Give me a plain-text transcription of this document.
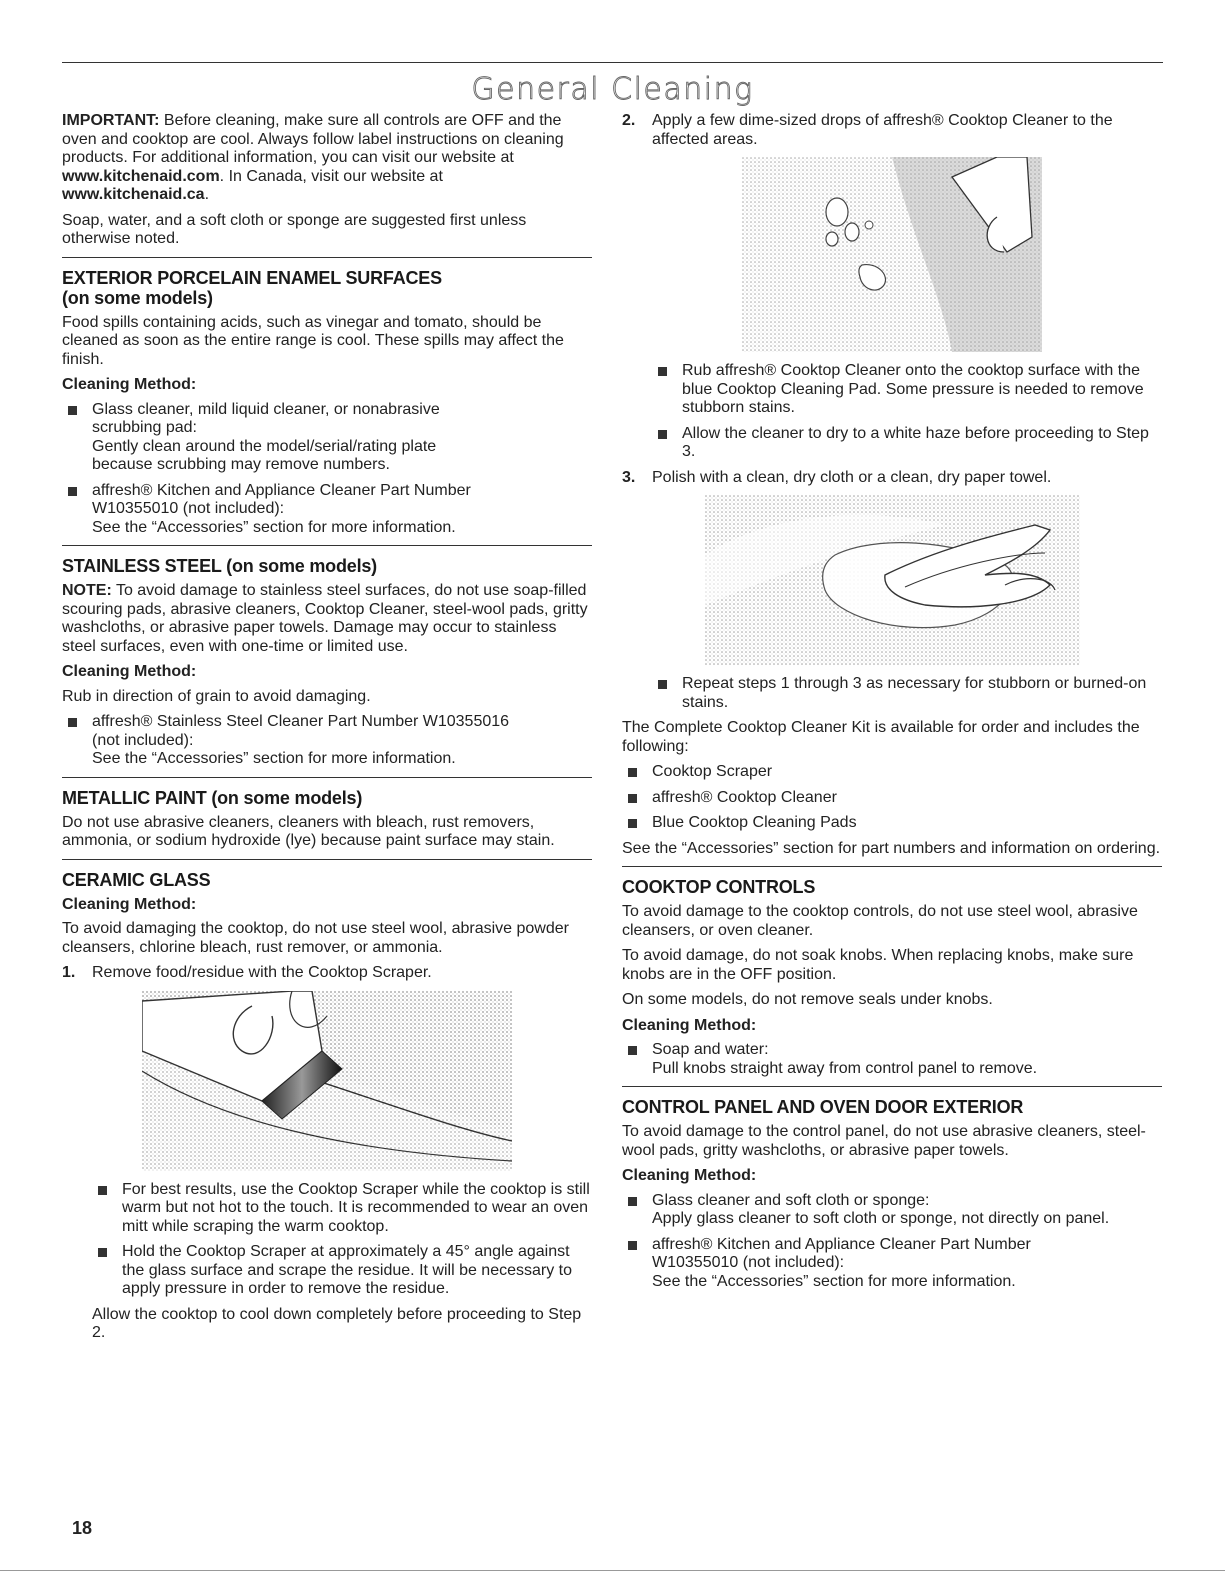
General Cleaning

IMPORTANT: Before cleaning, make sure all controls are OFF and the oven and cooktop are cool. Always follow label instructions on cleaning products. For additional information, you can visit our website at www.kitchenaid.com. In Canada, visit our website at www.kitchenaid.ca.

Soap, water, and a soft cloth or sponge are suggested first unless otherwise noted.

EXTERIOR PORCELAIN ENAMEL SURFACES
(on some models)

Food spills containing acids, such as vinegar and tomato, should be cleaned as soon as the entire range is cool. These spills may affect the finish.

Cleaning Method:
Glass cleaner, mild liquid cleaner, or nonabrasive
scrubbing pad:
Gently clean around the model/serial/rating plate
because scrubbing may remove numbers.
affresh® Kitchen and Appliance Cleaner Part Number
W10355010 (not included):
See the “Accessories” section for more information.
STAINLESS STEEL (on some models)

NOTE: To avoid damage to stainless steel surfaces, do not use soap-filled scouring pads, abrasive cleaners, Cooktop Cleaner, steel-wool pads, gritty washcloths, or abrasive paper towels. Damage may occur to stainless steel surfaces, even with one-time or limited use.

Cleaning Method:

Rub in direction of grain to avoid damaging.

affresh® Stainless Steel Cleaner Part Number W10355016
(not included):
See the “Accessories” section for more information.
METALLIC PAINT (on some models)

Do not use abrasive cleaners, cleaners with bleach, rust removers, ammonia, or sodium hydroxide (lye) because paint surface may stain.

CERAMIC GLASS
Cleaning Method:

To avoid damaging the cooktop, do not use steel wool, abrasive powder cleansers, chlorine bleach, rust remover, or ammonia.

1. Remove food/residue with the Cooktop Scraper.
For best results, use the Cooktop Scraper while the cooktop is still warm but not hot to the touch. It is recommended to wear an oven mitt while scraping the warm cooktop.
Hold the Cooktop Scraper at approximately a 45° angle against the glass surface and scrape the residue. It will be necessary to apply pressure in order to remove the residue.

Allow the cooktop to cool down completely before proceeding to Step 2.

2. Apply a few dime-sized drops of affresh® Cooktop Cleaner to the affected areas.
Rub affresh® Cooktop Cleaner onto the cooktop surface with the blue Cooktop Cleaning Pad. Some pressure is needed to remove stubborn stains.
Allow the cleaner to dry to a white haze before proceeding to Step 3.
3. Polish with a clean, dry cloth or a clean, dry paper towel.
Repeat steps 1 through 3 as necessary for stubborn or burned-on stains.

The Complete Cooktop Cleaner Kit is available for order and includes the following:

Cooktop Scraper
affresh® Cooktop Cleaner
Blue Cooktop Cleaning Pads

See the “Accessories” section for part numbers and information on ordering.

COOKTOP CONTROLS

To avoid damage to the cooktop controls, do not use steel wool, abrasive cleansers, or oven cleaner.

To avoid damage, do not soak knobs. When replacing knobs, make sure knobs are in the OFF position.

On some models, do not remove seals under knobs.

Cleaning Method:
Soap and water:
Pull knobs straight away from control panel to remove.
CONTROL PANEL AND OVEN DOOR EXTERIOR

To avoid damage to the control panel, do not use abrasive cleaners, steel-wool pads, gritty washcloths, or abrasive paper towels.

Cleaning Method:
Glass cleaner and soft cloth or sponge:
Apply glass cleaner to soft cloth or sponge, not directly on panel.
affresh® Kitchen and Appliance Cleaner Part Number
W10355010 (not included):
See the “Accessories” section for more information.
18
